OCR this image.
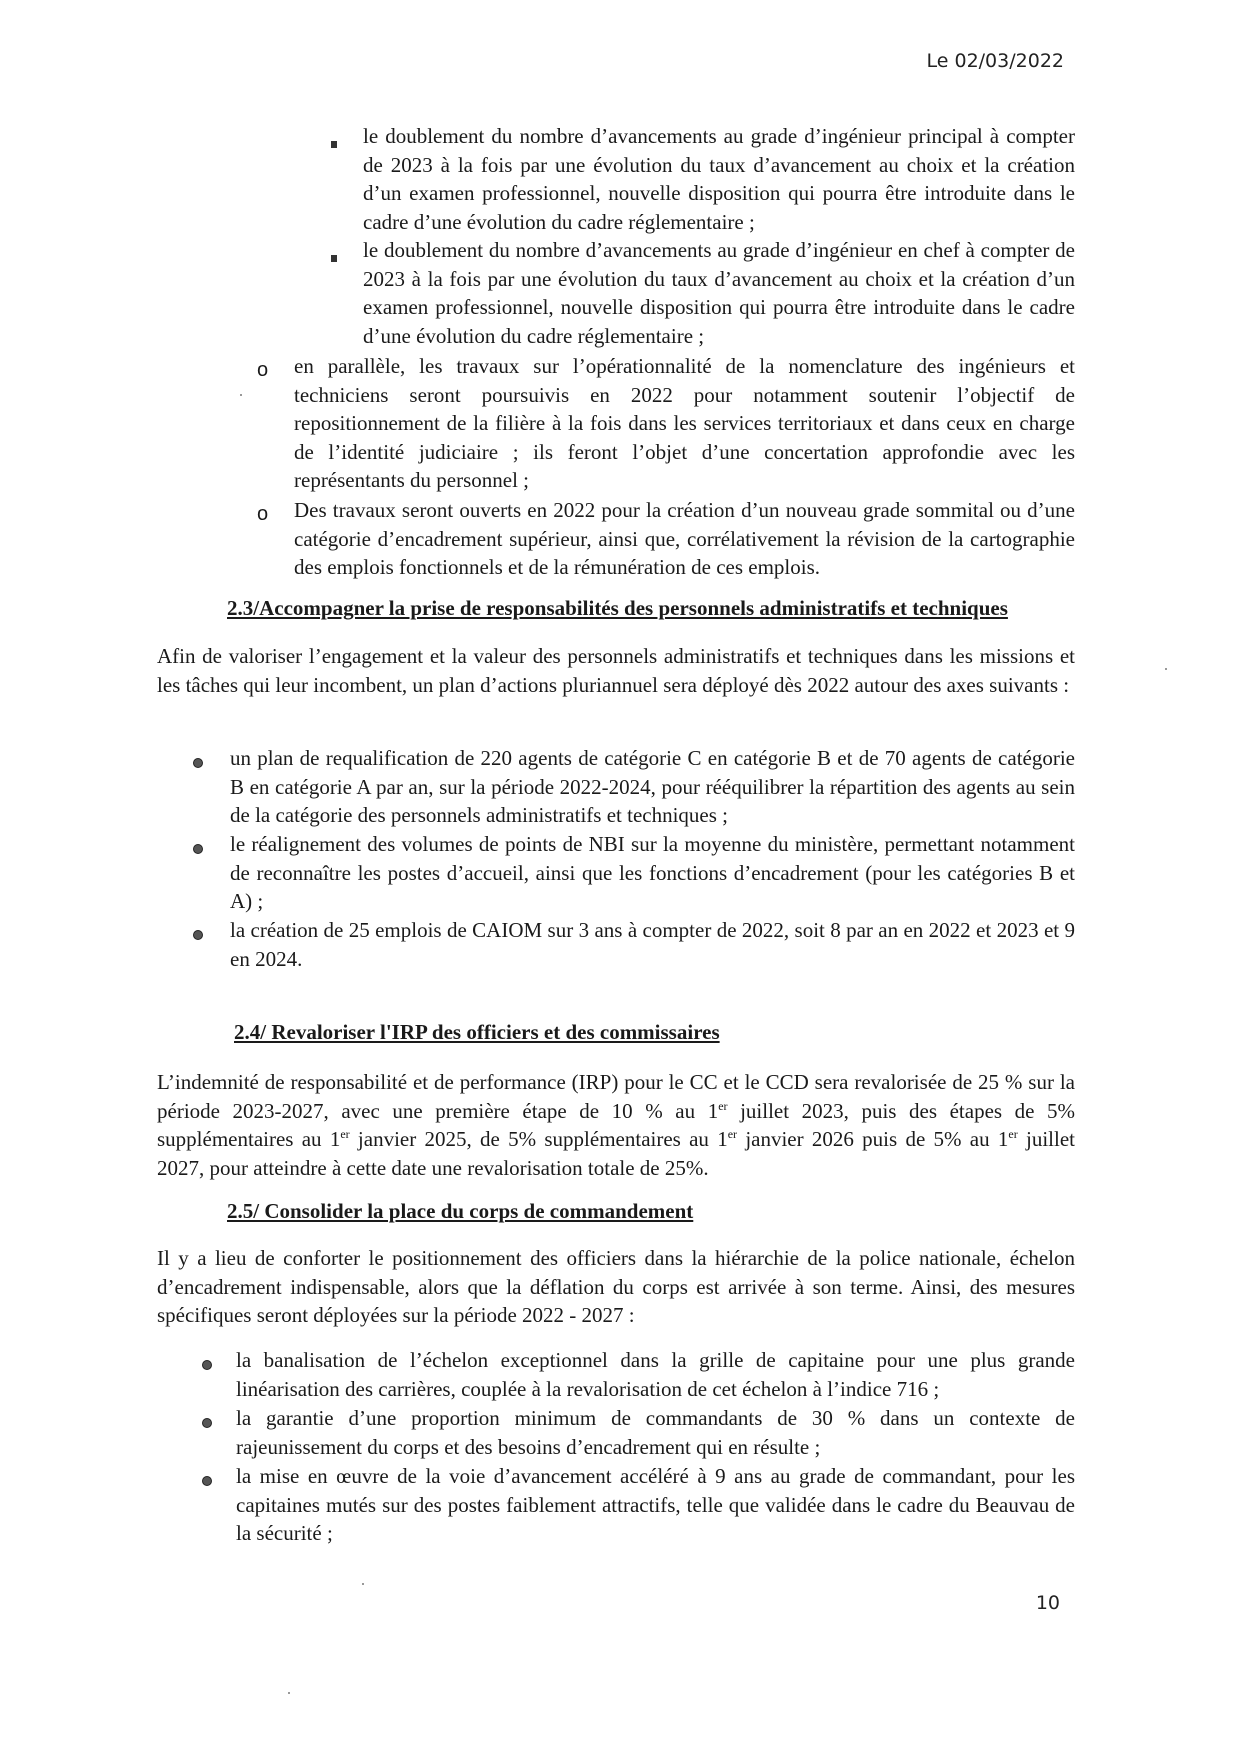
Le 02/03/2022
le doublement du nombre d’avancements au grade d’ingénieur principal à compter de 2023 à la fois par une évolution du taux d’avancement au choix et la création d’un examen professionnel, nouvelle disposition qui pourra être introduite dans le cadre d’une évolution du cadre réglementaire ;
le doublement du nombre d’avancements au grade d’ingénieur en chef à compter de 2023 à la fois par une évolution du taux d’avancement au choix et la création d’un examen professionnel, nouvelle disposition qui pourra être introduite dans le cadre d’une évolution du cadre réglementaire ;
o en parallèle, les travaux sur l’opérationnalité de la nomenclature des ingénieurs et techniciens seront poursuivis en 2022 pour notamment soutenir l’objectif de repositionnement de la filière à la fois dans les services territoriaux et dans ceux en charge de l’identité judiciaire ; ils feront l’objet d’une concertation approfondie avec les représentants du personnel ;
o Des travaux seront ouverts en 2022 pour la création d’un nouveau grade sommital ou d’une catégorie d’encadrement supérieur, ainsi que, corrélativement la révision de la cartographie des emplois fonctionnels et de la rémunération de ces emplois.
2.3/Accompagner la prise de responsabilités des personnels administratifs et techniques
Afin de valoriser l’engagement et la valeur des personnels administratifs et techniques dans les missions et les tâches qui leur incombent, un plan d’actions pluriannuel sera déployé dès 2022 autour des axes suivants :
un plan de requalification de 220 agents de catégorie C en catégorie B et de 70 agents de catégorie B en catégorie A par an, sur la période 2022-2024, pour rééquilibrer la répartition des agents au sein de la catégorie des personnels administratifs et techniques ;
le réalignement des volumes de points de NBI sur la moyenne du ministère, permettant notamment de reconnaître les postes d’accueil, ainsi que les fonctions d’encadrement (pour les catégories B et A) ;
la création de 25 emplois de CAIOM sur 3 ans à compter de 2022, soit 8 par an en 2022 et 2023 et 9 en 2024.
2.4/ Revaloriser l'IRP des officiers et des commissaires
L’indemnité de responsabilité et de performance (IRP) pour le CC et le CCD sera revalorisée de 25 % sur la période 2023-2027, avec une première étape de 10 % au 1er juillet 2023, puis des étapes de 5% supplémentaires au 1er janvier 2025, de 5% supplémentaires au 1er janvier 2026 puis de 5% au 1er juillet 2027, pour atteindre à cette date une revalorisation totale de 25%.
2.5/ Consolider la place du corps de commandement
Il y a lieu de conforter le positionnement des officiers dans la hiérarchie de la police nationale, échelon d’encadrement indispensable, alors que la déflation du corps est arrivée à son terme. Ainsi, des mesures spécifiques seront déployées sur la période 2022 - 2027 :
la banalisation de l’échelon exceptionnel dans la grille de capitaine pour une plus grande linéarisation des carrières, couplée à la revalorisation de cet échelon à l’indice 716 ;
la garantie d’une proportion minimum de commandants de 30 % dans un contexte de rajeunissement du corps et des besoins d’encadrement qui en résulte ;
la mise en œuvre de la voie d’avancement accéléré à 9 ans au grade de commandant, pour les capitaines mutés sur des postes faiblement attractifs, telle que validée dans le cadre du Beauvau de la sécurité ;
10
